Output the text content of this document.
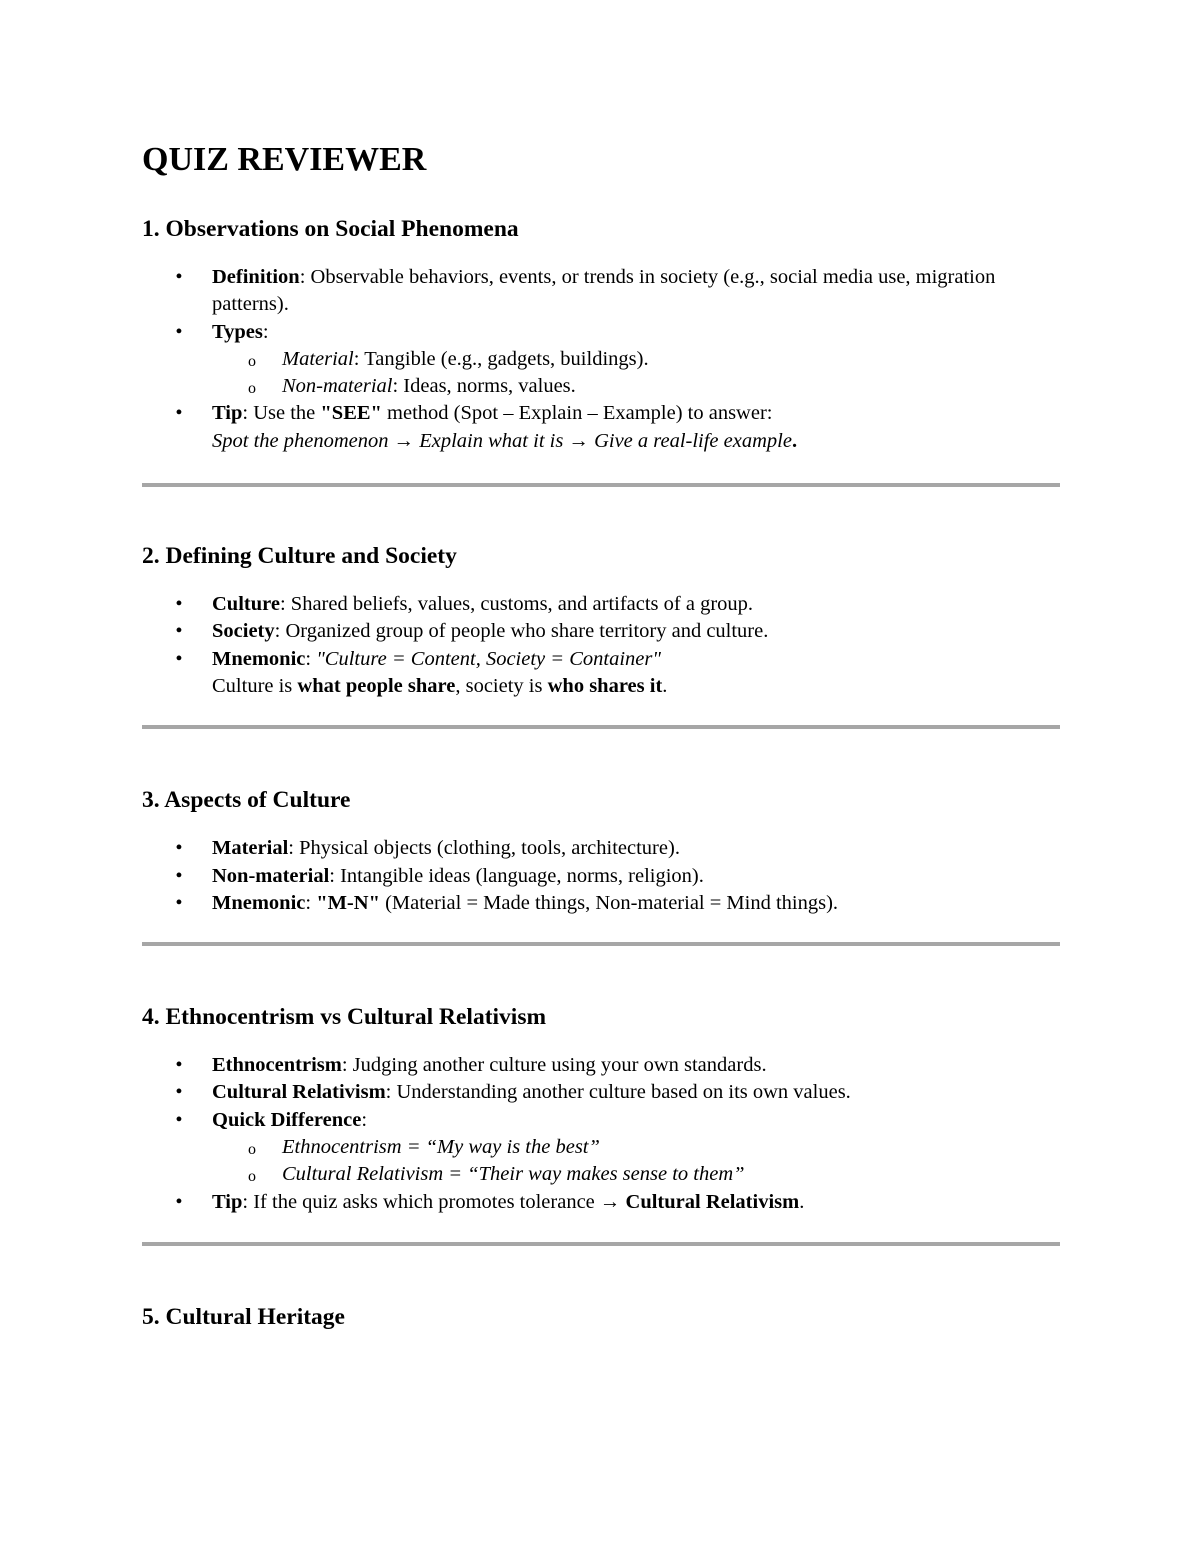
QUIZ REVIEWER
1. Observations on Social Phenomena
• Definition: Observable behaviors, events, or trends in society (e.g., social media use, migration patterns).
• Types:
o Material: Tangible (e.g., gadgets, buildings).
o Non-material: Ideas, norms, values.
• Tip: Use the "SEE" method (Spot – Explain – Example) to answer:
Spot the phenomenon → Explain what it is → Give a real-life example.
2. Defining Culture and Society
• Culture: Shared beliefs, values, customs, and artifacts of a group.
• Society: Organized group of people who share territory and culture.
• Mnemonic: "Culture = Content, Society = Container"
Culture is what people share, society is who shares it.
3. Aspects of Culture
• Material: Physical objects (clothing, tools, architecture).
• Non-material: Intangible ideas (language, norms, religion).
• Mnemonic: "M-N" (Material = Made things, Non-material = Mind things).
4. Ethnocentrism vs Cultural Relativism
• Ethnocentrism: Judging another culture using your own standards.
• Cultural Relativism: Understanding another culture based on its own values.
• Quick Difference:
o Ethnocentrism = “My way is the best”
o Cultural Relativism = “Their way makes sense to them”
• Tip: If the quiz asks which promotes tolerance → Cultural Relativism.
5. Cultural Heritage
